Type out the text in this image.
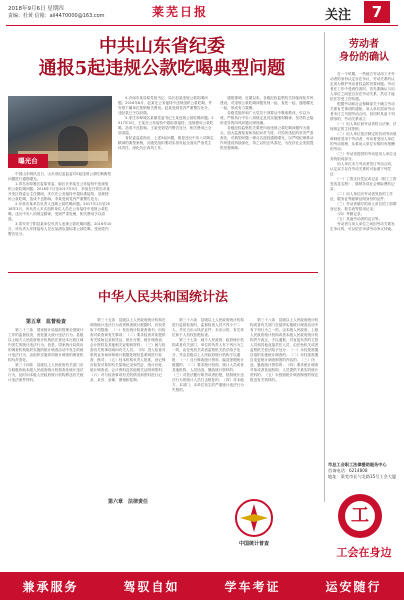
2018年9月6日 星期四
责编：杜黄 信箱：ail4470000@163.com	莱芜日报	关注	7
中共山东省纪委
通报5起违规公款吃喝典型问题
曝光台
　　中国山东网讯近日，山东省纪委监委对5起违规公款吃喝典型问题进行通报曝光。
　　1.青岛市即墨区委原常委、副区长李某在公务接待中违规组织公款吃喝问题。2016年7月至2017年5月，李某在任青岛市某开发区管委会主任期间，多次在公务接待中超标准接待，违规使用公款吃喝，造成不良影响。李某受到党内严重警告处分。
　　2.东营市某单位负责人违规公款吃喝问题。2017年1月至2018年3月，该负责人多次组织单位人员在公务接待中违规公款吃喝，违反中央八项规定精神，受到严肃处理，相关费用予以清退。
　　3.泰安市宁阳县某单位负责人违规公款吃喝问题。2016年10月，该负责人安排接待人员在某酒店超标准公款吃喝，受到党内警告处分。
　　4.济南市某局原党组书记、局长赵某违规公款吃喝问题。2016年8月，赵某在公务接待中违规组织公款吃喝，并安排下属单位报销相关费用。赵某受到党内严重警告处分，违纪款已予以收缴。
　　5.枣庄市峄城区某镇党委书记王某违规公款吃喝问题。2017年3月，王某在公务接待中超标准接待，违规使用公款吃喝，造成不良影响。王某受到党内警告处分，相关费用已全部清退。
　　省纪委监委指出，上述5起问题，都是违反中央八项规定精神的典型案例，各级党组织要切实担负起全面从严治党主体责任，深化纠正四风工作。
　　通报强调，近期以来，各级纪检监察机关持续深化作风建设，对违规公款吃喝问题发现一起、查处一起、通报曝光一起，形成有力震慑。
　　各级党组织和广大党员干部要从中吸取教训，引以为戒，严格执行中央八项规定及其实施细则精神，坚决防止隐形变异的四风问题反弹回潮。
　　各级纪检监察机关要把纠治违规公款吃喝问题作为重点，加大监督检查和执纪问责力度，对顶风违纪的坚决严肃查处，对典型问题一律点名道姓通报曝光，以严明纪律推动作风建设持续深化，持之以恒正风肃纪，为经济社会发展提供坚强保障。
劳动者
身份的确认
　　在一个时期，一些地方劳动用工中劳动者的身份认定存在争议，劳动关系的认定成为维护劳动者权益的首要问题。劳动者在工作中受到伤害时，首先要确认与用人单位之间是否存在劳动关系，然后才能依法享受工伤待遇。
　　根据劳动和社会保障部关于确立劳动关系有关事项的通知，用人单位招用劳动者未订立书面劳动合同，但同时具备下列情形的，劳动关系成立：
　　（一）用人单位和劳动者符合法律、法规规定的主体资格；
　　（二）用人单位依法制定的各项劳动规章制度适用于劳动者，劳动者受用人单位的劳动管理，从事用人单位安排的有报酬的劳动；
　　（三）劳动者提供的劳动是用人单位业务的组成部分。
　　用人单位未与劳动者签订劳动合同，认定双方存在劳动关系时可参照下列凭证：
　　（一）工资支付凭证或记录（职工工资发放花名册）、缴纳各项社会保险费的记录；
　　（二）用人单位向劳动者发放的工作证、服务证等能够证明身份的证件；
　　（三）劳动者填写的用人单位招工招聘登记表、报名表等招用记录；
　　（四）考勤记录；
　　（五）其他劳动者的证言等。
　　劳动者与用人单位之间因劳动关系发生争议的，可以依法申请劳动争议仲裁。
市总工会职工法律援助服务中心
咨询电话：6214808
地址：莱芜市长勺北路15号工会大厦
工
工会在身边
中华人民共和国统计法
第五章　监督检查
　　第三十三条　国家统计局组织管理全国统计工作的监督检查，查处重大统计违法行为。县级以上地方人民政府统计机构依法查处本行政区域内发生的统计违法行为。但是，国家统计局派出的调查机构组织实施的统计调查活动中发生的统计违法行为，由组织实施该项统计调查的调查机构负责查处。
　　第三十四条　县级以上人民政府有关部门应当积极协助本级人民政府统计机构查处统计违法行为，及时向本级人民政府统计机构移送有关统计违法案件材料。
　　第三十五条　县级以上人民政府统计机构在调查统计违法行为或者核查统计数据时，有权采取下列措施：（一）发出统计检查查询书，向检查对象查询有关事项；（二）要求检查对象提供有关原始记录和凭证、统计台账、统计调查表、会计资料及其他相关证明和资料；（三）就与检查有关的事项询问有关人员；（四）进入检查对象的业务场所和统计数据处理信息系统进行检查、核对；（五）经本机构负责人批准，登记保存检查对象的有关原始记录和凭证、统计台账、统计调查表、会计资料及其他相关证明和资料；（六）对与检查事项有关的情况和资料进行记录、录音、录像、照相和复制。
第六章　法律责任
　　第三十六条　县级以上人民政府统计机构进行监督检查时，监督检查人员不得少于二人，并应当出示执法证件；未出示的，有关单位和个人有权拒绝检查。
　　第三十七条　地方人民政府、政府统计机构或者有关部门、单位的负责人有下列行为之一的，由任免机关或者监察机关依法给予处分，并由县级以上人民政府统计机构予以通报：（一）自行修改统计资料、编造虚假统计数据的；（二）要求统计机构、统计人员或者其他机构、人员伪造、篡改统计资料的；（三）对依法履行职责或者拒绝、抵制统计违法行为的统计人员打击报复的；（四）对本地方、本部门、本单位发生的严重统计违法行为失察的。
　　第三十八条　县级以上人民政府统计机构或者有关部门在组织实施统计调查活动中有下列行为之一的，由本级人民政府、上级人民政府统计机构或者本级人民政府统计机构责令改正，予以通报；对直接负责的主管人员和其他直接责任人员，由任免机关或者监察机关依法给予处分：（一）未经批准擅自组织实施统计调查的；（二）未经批准擅自变更统计调查制度的内容的；（三）伪造、篡改统计资料的；（四）要求统计调查对象或者其他机构、人员提供不真实的统计资料的；（五）未按照统计调查制度的规定报送有关资料的。
中国统计普查
兼承服务	驾驭自如	学车考证	运安随行
